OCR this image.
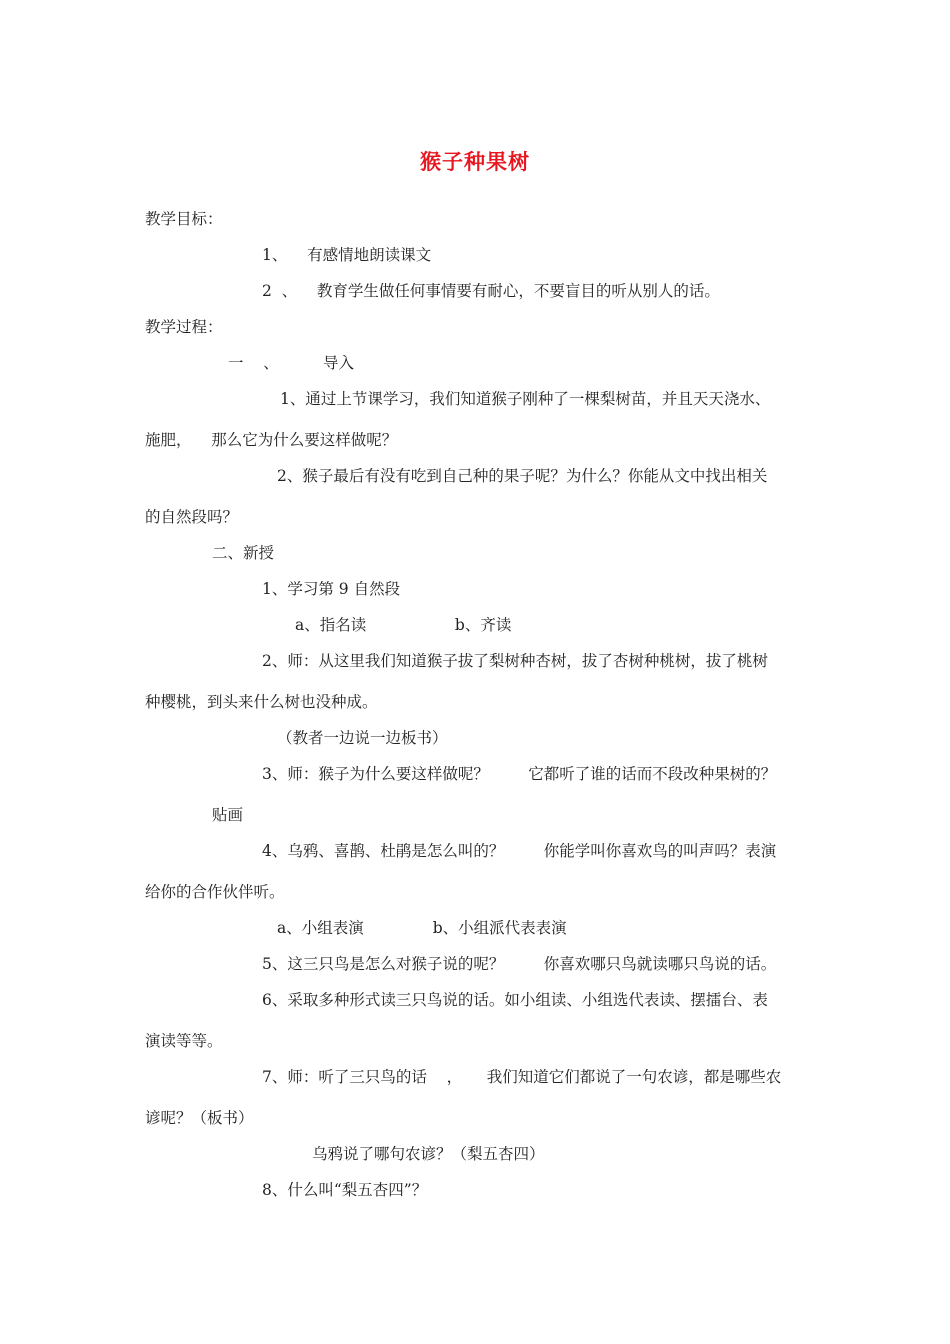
猴子种果树
教学目标：
1、    有感情地朗读课文
2  、    教育学生做任何事情要有耐心，不要盲目的听从别人的话。
教学过程：
一    、         导入
1、通过上节课学习，我们知道猴子刚种了一棵梨树苗，并且天天浇水、
施肥，    那么它为什么要这样做呢？
2、猴子最后有没有吃到自己种的果子呢？为什么？你能从文中找出相关
的自然段吗？
二、新授
1、学习第 9 自然段
a、指名读                  b、齐读
2、师：从这里我们知道猴子拔了梨树种杏树，拔了杏树种桃树，拔了桃树
种樱桃，到头来什么树也没种成。
（教者一边说一边板书）
3、师：猴子为什么要这样做呢？        它都听了谁的话而不段改种果树的？
贴画
4、乌鸦、喜鹊、杜鹃是怎么叫的？        你能学叫你喜欢鸟的叫声吗？表演
给你的合作伙伴听。
a、小组表演              b、小组派代表表演
5、这三只鸟是怎么对猴子说的呢？        你喜欢哪只鸟就读哪只鸟说的话。
6、采取多种形式读三只鸟说的话。如小组读、小组选代表读、摆擂台、表
演读等等。
7、师：听了三只鸟的话    ，     我们知道它们都说了一句农谚，都是哪些农
谚呢？（板书）
乌鸦说了哪句农谚？（梨五杏四）
8、什么叫“梨五杏四”？
